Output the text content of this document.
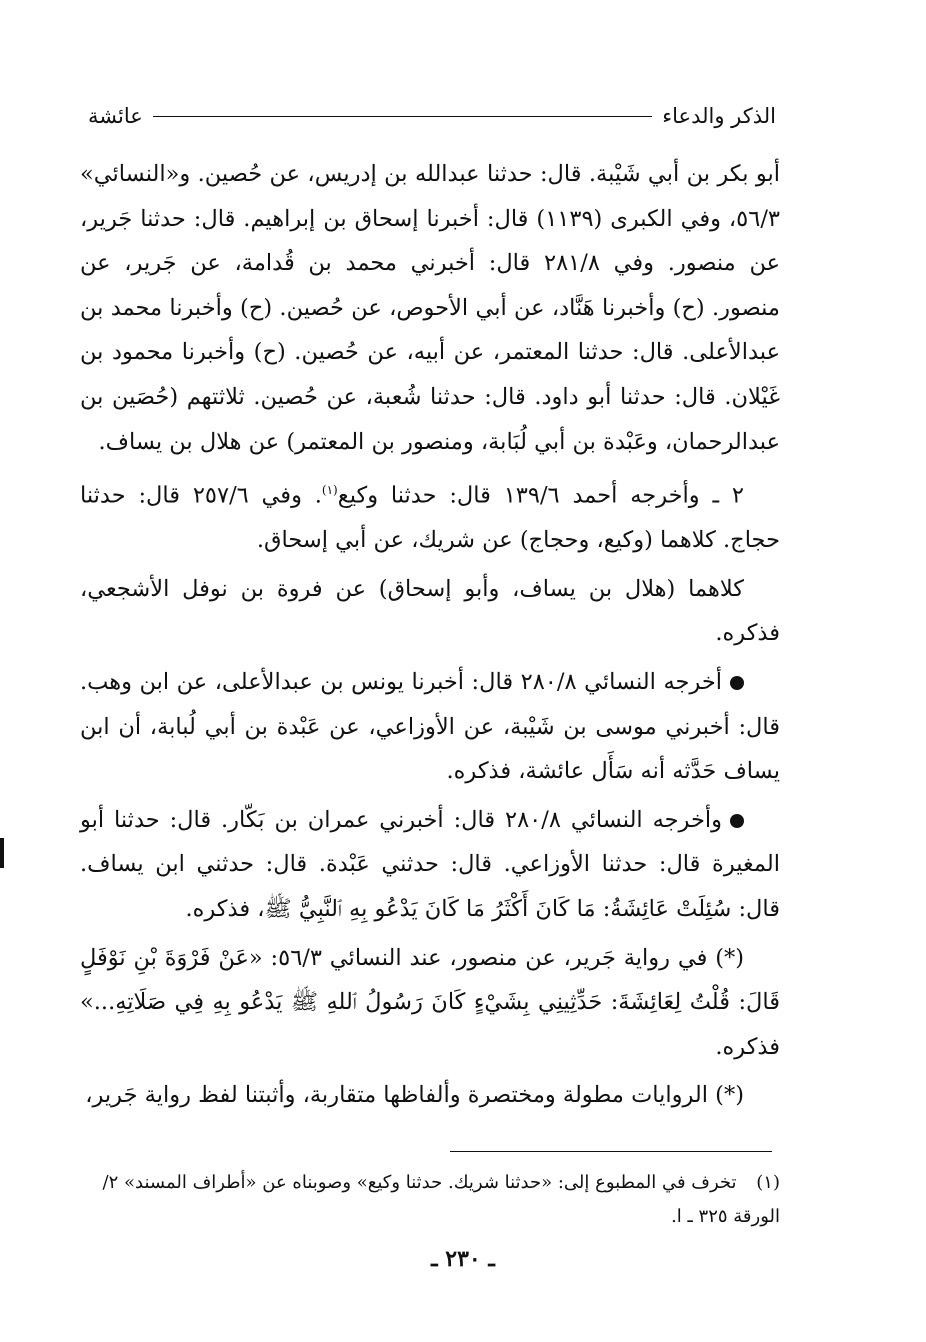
الذكر والدعاء
عائشة

أبو بكر بن أبي شَيْبة. قال: حدثنا عبدالله بن إدريس، عن حُصين. و«النسائي» ٥٦/٣، وفي الكبرى (١١٣٩) قال: أخبرنا إسحاق بن إبراهيم. قال: حدثنا جَرير، عن منصور. وفي ٢٨١/٨ قال: أخبرني محمد بن قُدامة، عن جَرير، عن منصور. (ح) وأخبرنا هَنَّاد، عن أبي الأحوص، عن حُصين. (ح) وأخبرنا محمد بن عبدالأعلى. قال: حدثنا المعتمر، عن أبيه، عن حُصين. (ح) وأخبرنا محمود بن غَيْلان. قال: حدثنا أبو داود. قال: حدثنا شُعبة، عن حُصين. ثلاثتهم (حُصَين بن عبدالرحمان، وعَبْدة بن أبي لُبَابة، ومنصور بن المعتمر) عن هلال بن يساف.

٢ ـ وأخرجه أحمد ١٣٩/٦ قال: حدثنا وكيع$^{(١)}$. وفي ٢٥٧/٦ قال: حدثنا حجاج. كلاهما (وكيع، وحجاج) عن شريك، عن أبي إسحاق.

كلاهما (هلال بن يساف، وأبو إسحاق) عن فروة بن نوفل الأشجعي، فذكره.

أخرجه النسائي ٢٨٠/٨ قال: أخبرنا يونس بن عبدالأعلى، عن ابن وهب. قال: أخبرني موسى بن شَيْبة، عن الأوزاعي، عن عَبْدة بن أبي لُبابة، أن ابن يساف حَدَّثه أنه سَأَل عائشة، فذكره.

وأخرجه النسائي ٢٨٠/٨ قال: أخبرني عمران بن بَكّار. قال: حدثنا أبو المغيرة قال: حدثنا الأوزاعي. قال: حدثني عَبْدة. قال: حدثني ابن يساف. قال: سُئِلَتْ عَائِشَةُ: مَا كَانَ أَكْثَرُ مَا كَانَ يَدْعُو بِهِ ٱلنَّبِيُّ ﷺ، فذكره.

(*) في رواية جَرير، عن منصور، عند النسائي ٥٦/٣: «عَنْ فَرْوَةَ بْنِ نَوْفَلٍ قَالَ: قُلْتُ لِعَائِشَةَ: حَدِّثِينِي بِشَيْءٍ كَانَ رَسُولُ ٱللهِ ﷺ يَدْعُو بِهِ فِي صَلَاتِهِ...» فذكره.

(*) الروايات مطولة ومختصرة وألفاظها متقاربة، وأثبتنا لفظ رواية جَرير،

(١) تخرف في المطبوع إلى: «حدثنا شريك. حدثنا وكيع» وصوبناه عن «أطراف المسند» ٢/الورقة ٣٢٥ ـ ا.
ـ ٢٣٠ ـ
